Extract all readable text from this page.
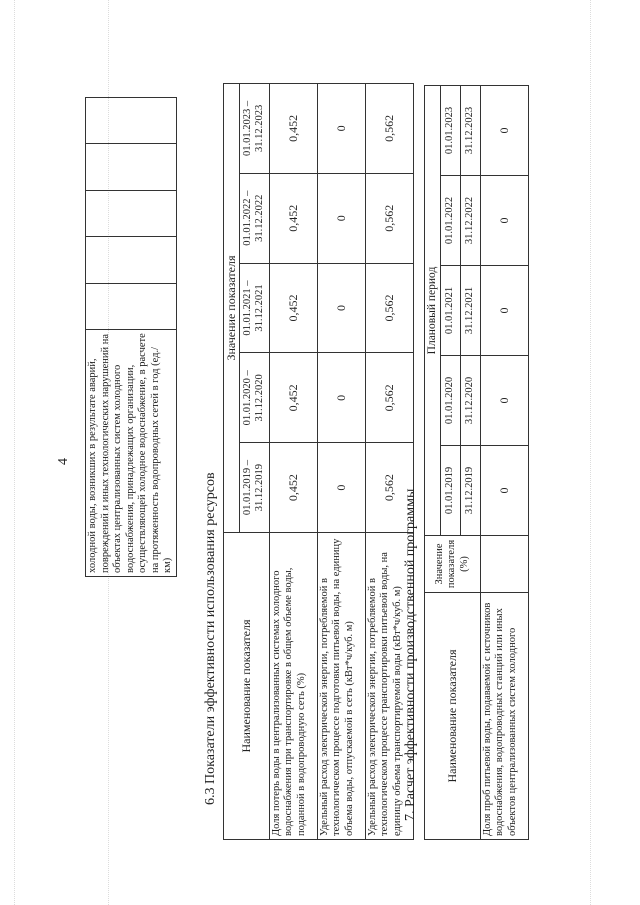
4 холодной воды, возникших в результате аварий, повреждений и иных технологических нарушений на объектах централизованных систем холодного водоснабжения, принадлежащих организации, осуществляющей холодное водоснабжение, в расчете на протяженность водопроводных сетей в год (ед./км)					6.3 Показатели эффективности использования ресурсов Наименование показателя	Значение показателя				
	01.01.2019 – 31.12.2019	01.01.2020 – 31.12.2020	01.01.2021 – 31.12.2021	01.01.2022 – 31.12.2022	01.01.2023 – 31.12.2023
Доля потерь воды в централизованных системах холодного водоснабжения при транспортировке в общем объеме воды, поданной в водопроводную сеть (%)	0,452	0,452	0,452	0,452	0,452
Удельный расход электрической энергии, потребляемой в технологическом процессе подготовки питьевой воды, на единицу объема воды, отпускаемой в сеть (кВт*ч/куб. м)	0	0	0	0	0
Удельный расход электрической энергии, потребляемой в технологическом процессе транспортировки питьевой воды, на единицу объема транспортируемой воды (кВт*ч/куб. м)	0,562	0,562	0,562	0,562	0,562
7. Расчет эффективности производственной программы Наименование показателя	Значение показателя (%)	Плановый период				
		01.01.2019	01.01.2020	01.01.2021	01.01.2022	01.01.2023
		31.12.2019	31.12.2020	31.12.2021	31.12.2022	31.12.2023
Доля проб питьевой воды, подаваемой с источников водоснабжения, водопроводных станций или иных объектов централизованных систем холодного		0	0	0	0	0
